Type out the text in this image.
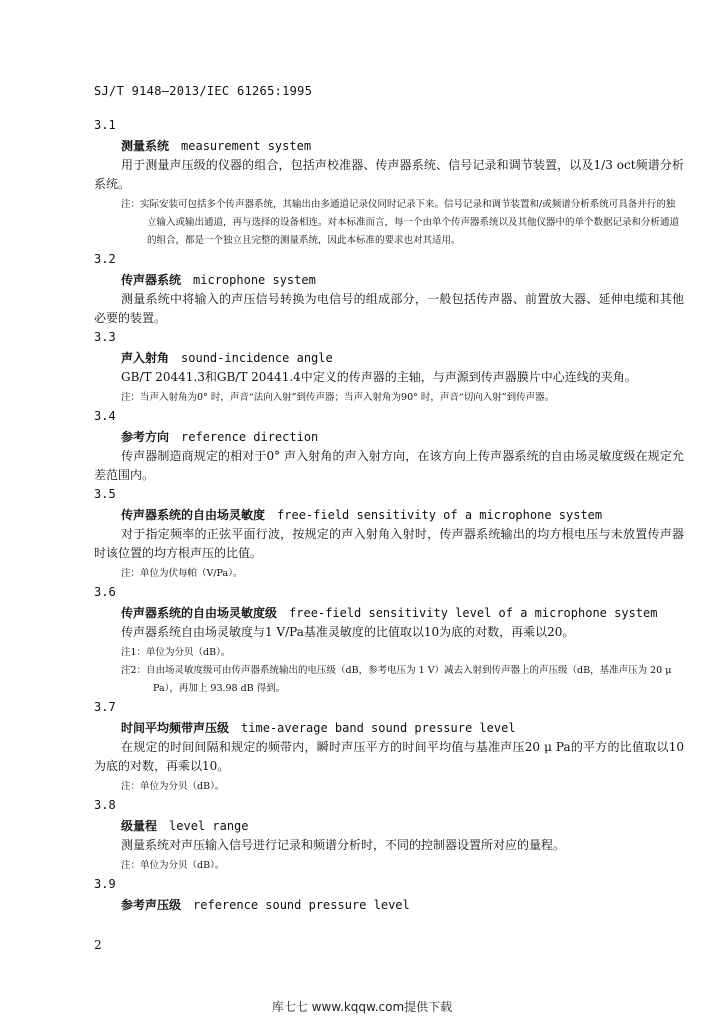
SJ/T 9148—2013/IEC 61265:1995
3.1
测量系统 measurement system
用于测量声压级的仪器的组合，包括声校准器、传声器系统、信号记录和调节装置，以及1/3 oct频谱分析系统。
注：实际安装可包括多个传声器系统，其输出由多通道记录仪同时记录下来。信号记录和调节装置和/或频谱分析系统可具备并行的独立输入或输出通道，再与选择的设备相连。对本标准而言，每一个由单个传声器系统以及其他仪器中的单个数据记录和分析通道的组合，都是一个独立且完整的测量系统，因此本标准的要求也对其适用。
3.2
传声器系统 microphone system
测量系统中将输入的声压信号转换为电信号的组成部分，一般包括传声器、前置放大器、延伸电缆和其他必要的装置。
3.3
声入射角 sound-incidence angle
GB/T 20441.3和GB/T 20441.4中定义的传声器的主轴，与声源到传声器膜片中心连线的夹角。
注：当声入射角为0° 时，声音“法向入射”到传声器；当声入射角为90° 时，声音“切向入射”到传声器。
3.4
参考方向 reference direction
传声器制造商规定的相对于0° 声入射角的声入射方向，在该方向上传声器系统的自由场灵敏度级在规定允差范围内。
3.5
传声器系统的自由场灵敏度 free-field sensitivity of a microphone system
对于指定频率的正弦平面行波，按规定的声入射角入射时，传声器系统输出的均方根电压与未放置传声器时该位置的均方根声压的比值。
注：单位为伏每帕（V/Pa）。
3.6
传声器系统的自由场灵敏度级 free-field sensitivity level of a microphone system
传声器系统自由场灵敏度与1 V/Pa基准灵敏度的比值取以10为底的对数，再乘以20。
注1：单位为分贝（dB）。
注2：自由场灵敏度级可由传声器系统输出的电压级（dB，参考电压为 1 V）减去入射到传声器上的声压级（dB，基准声压为 20 μ Pa），再加上 93.98 dB 得到。
3.7
时间平均频带声压级 time-average band sound pressure level
在规定的时间间隔和规定的频带内，瞬时声压平方的时间平均值与基准声压20 μ Pa的平方的比值取以10为底的对数，再乘以10。
注：单位为分贝（dB）。
3.8
级量程 level range
测量系统对声压输入信号进行记录和频谱分析时，不同的控制器设置所对应的量程。
注：单位为分贝（dB）。
3.9
参考声压级 reference sound pressure level
2
库七七 www.kqqw.com提供下载
